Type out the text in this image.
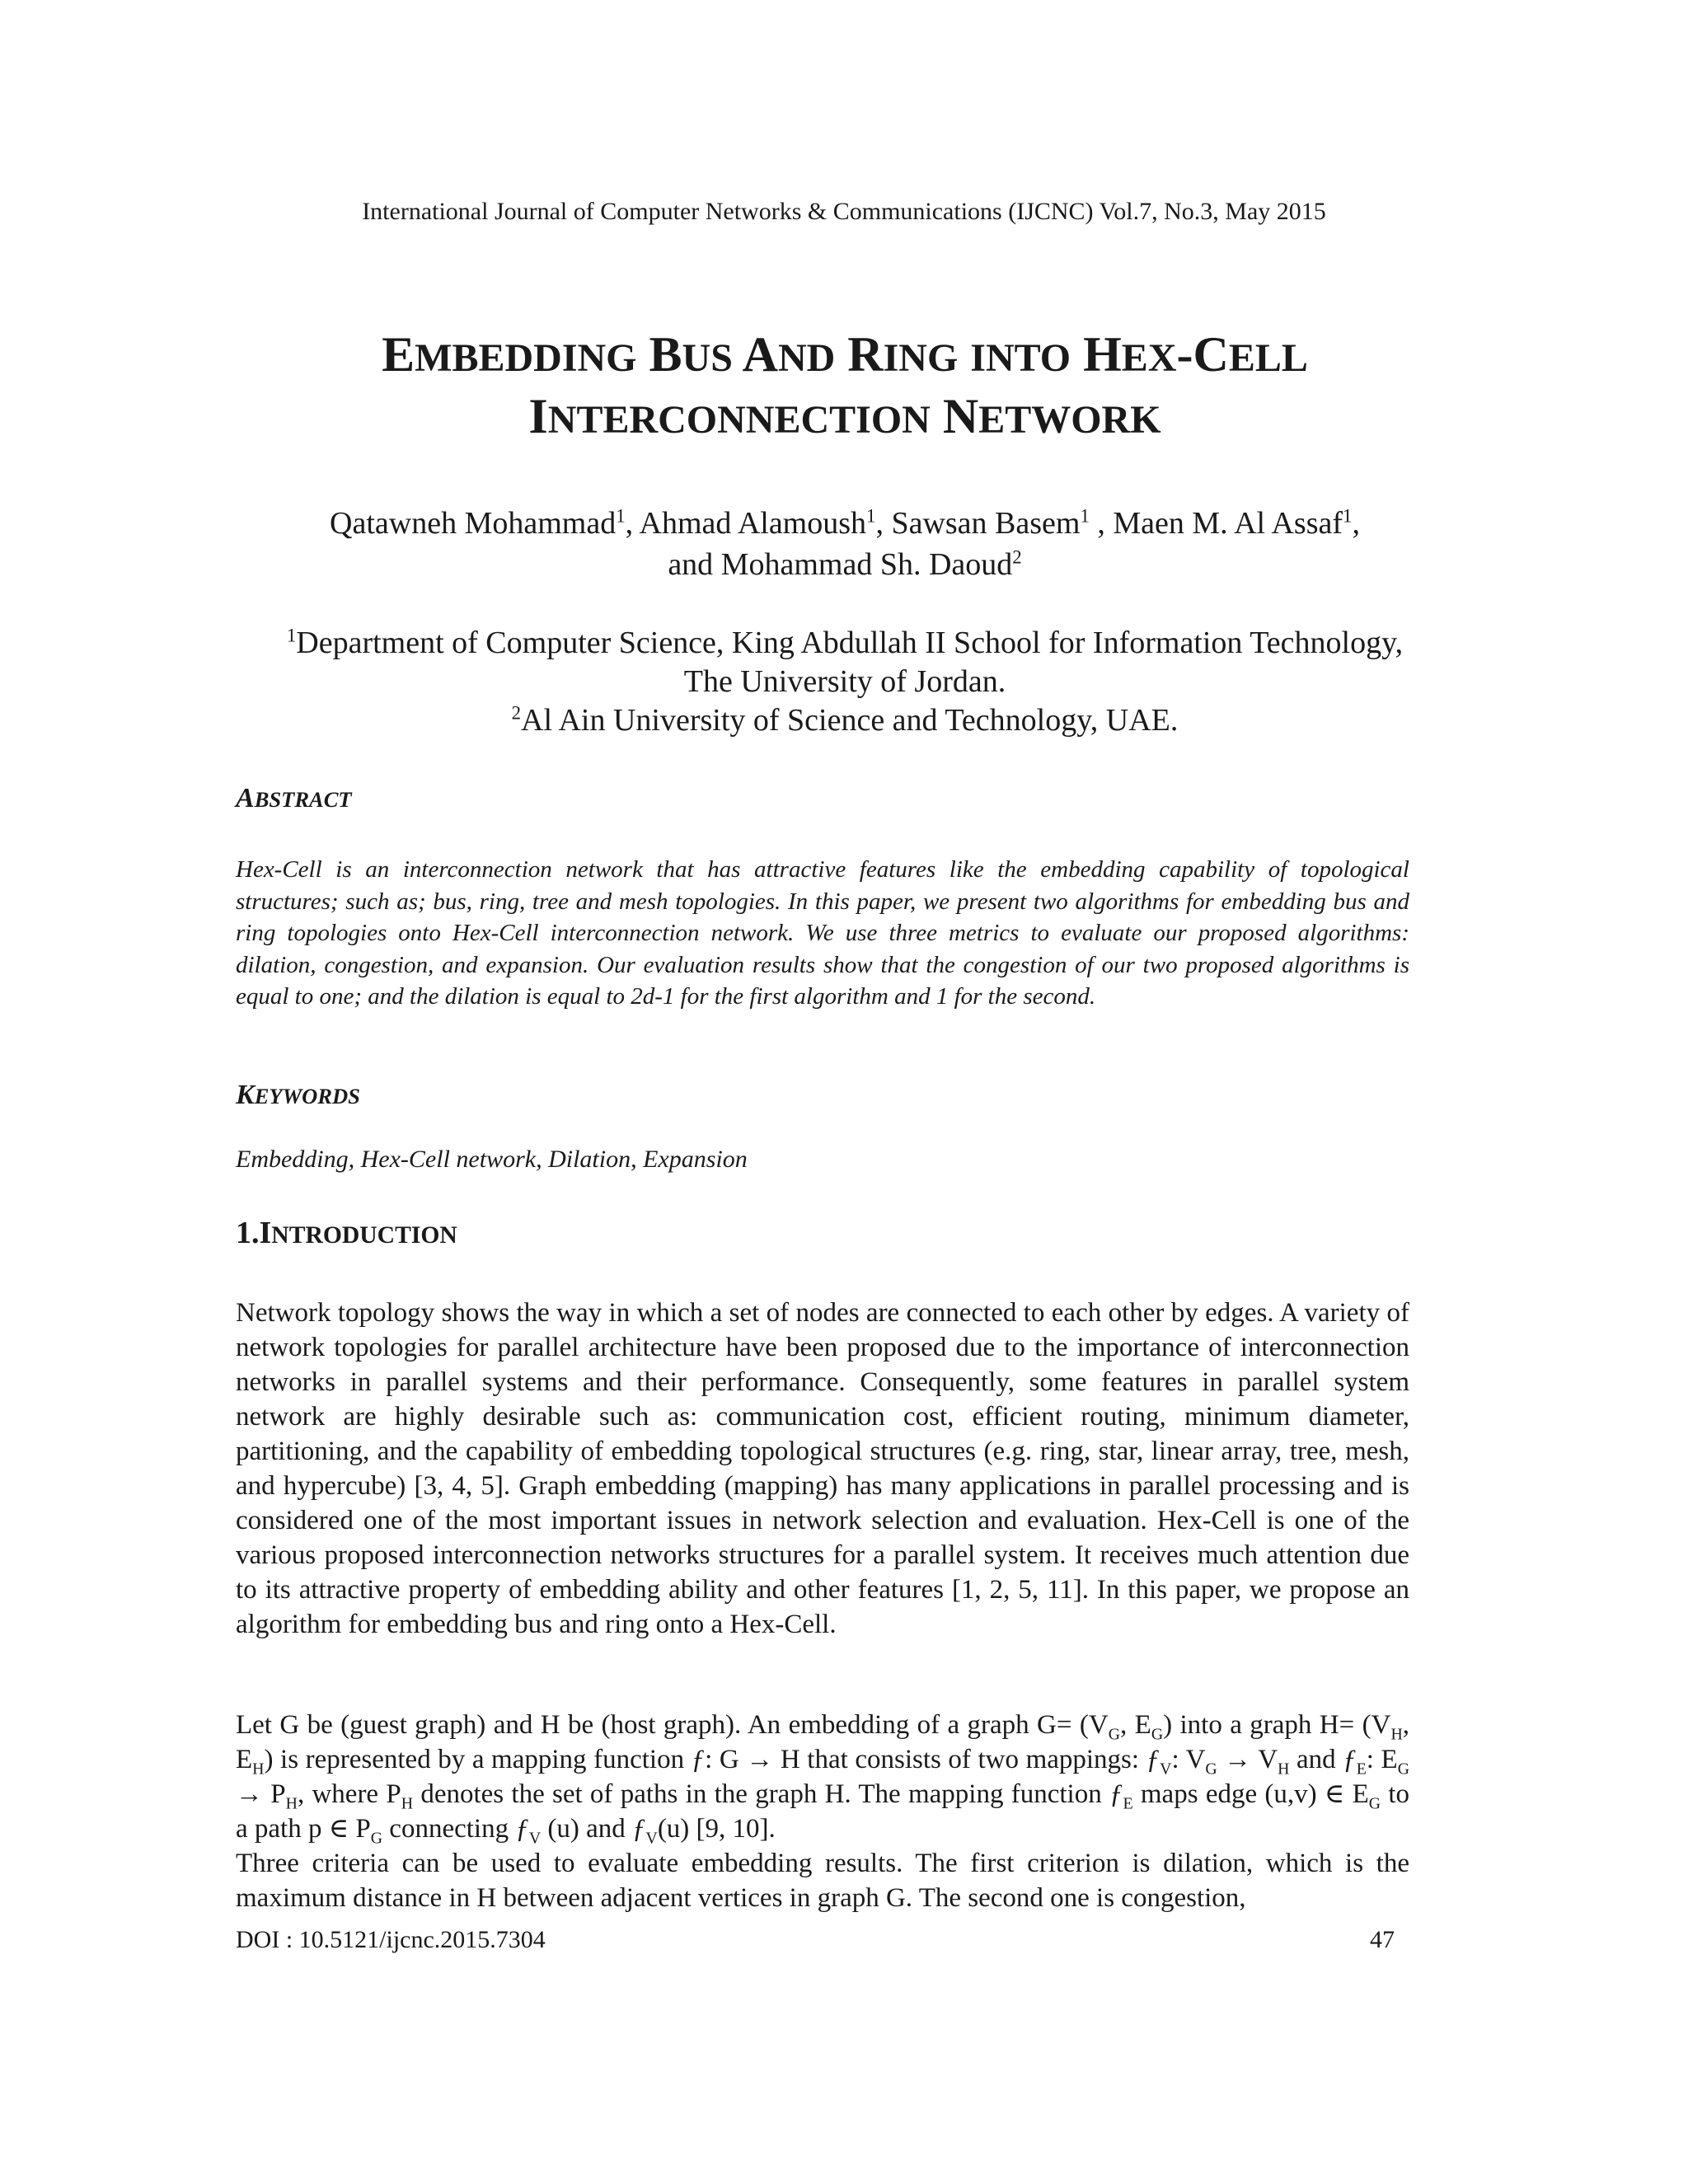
International Journal of Computer Networks & Communications (IJCNC) Vol.7, No.3, May 2015
EMBEDDING BUS AND RING INTO HEX-CELL
INTERCONNECTION NETWORK
Qatawneh Mohammad$^1$, Ahmad Alamoush$^1$, Sawsan Basem$^1$ , Maen M. Al Assaf$^1$,
and Mohammad Sh. Daoud$^2$
$^1$Department of Computer Science, King Abdullah II School for Information Technology,
The University of Jordan.
$^2$Al Ain University of Science and Technology, UAE.
ABSTRACT
Hex-Cell is an interconnection network that has attractive features like the embedding capability of topological structures; such as; bus, ring, tree and mesh topologies. In this paper, we present two algorithms for embedding bus and ring topologies onto Hex-Cell interconnection network. We use three metrics to evaluate our proposed algorithms: dilation, congestion, and expansion. Our evaluation results show that the congestion of our two proposed algorithms is equal to one; and the dilation is equal to 2d-1 for the first algorithm and 1 for the second.
KEYWORDS
Embedding, Hex-Cell network, Dilation, Expansion
1.INTRODUCTION
Network topology shows the way in which a set of nodes are connected to each other by edges. A variety of network topologies for parallel architecture have been proposed due to the importance of interconnection networks in parallel systems and their performance. Consequently, some features in parallel system network are highly desirable such as: communication cost, efficient routing, minimum diameter, partitioning, and the capability of embedding topological structures (e.g. ring, star, linear array, tree, mesh, and hypercube) [3, 4, 5]. Graph embedding (mapping) has many applications in parallel processing and is considered one of the most important issues in network selection and evaluation. Hex-Cell is one of the various proposed interconnection networks structures for a parallel system. It receives much attention due to its attractive property of embedding ability and other features [1, 2, 5, 11]. In this paper, we propose an algorithm for embedding bus and ring onto a Hex-Cell.
Let G be (guest graph) and H be (host graph). An embedding of a graph $G= (V_G$, $E_G$) into a graph $H= (V_H$, $E_H$) is represented by a mapping function ƒ: G → H that consists of two mappings: $ƒ_V$: $V_G \to V_H$ and $ƒ_E$: $E_G \to P_H$, where $P_H$ denotes the set of paths in the graph H. The mapping function $ƒ_E$ maps edge (u,v) ∈ $E_G$ to a path p ∈ $P_G$ connecting $ƒ_V$ (u) and $ƒ_V(u)$ [9, 10].
Three criteria can be used to evaluate embedding results. The first criterion is dilation, which is the maximum distance in H between adjacent vertices in graph G. The second one is congestion,
DOI : 10.5121/ijcnc.2015.7304	47
